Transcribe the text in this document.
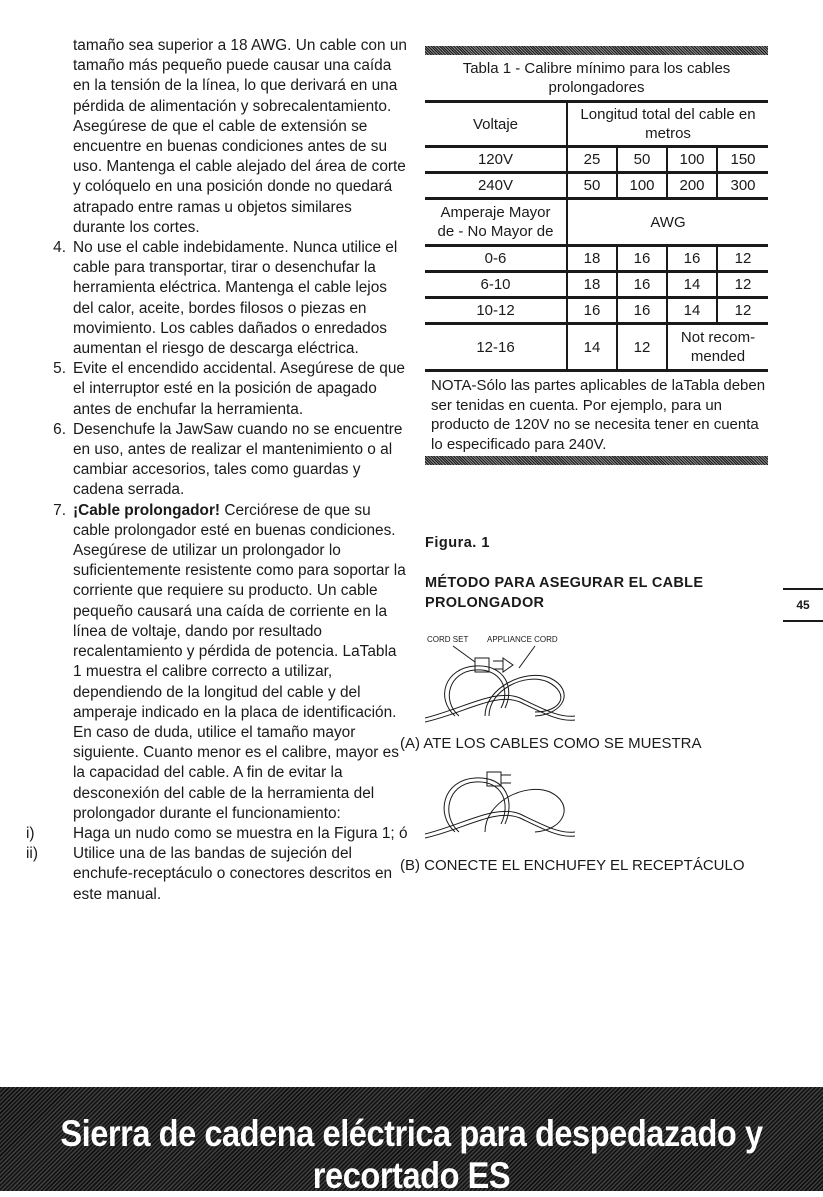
tamaño sea superior a 18 AWG. Un cable con un tamaño más pequeño puede causar una caída en la tensión de la línea, lo que derivará en una pérdida de alimentación y sobrecalentamiento. Asegúrese de que el cable de extensión se encuentre en buenas condiciones antes de su uso. Mantenga el cable alejado del área de corte y colóquelo en una posición donde no quedará atrapado entre ramas u objetos similares durante los cortes.

4. No use el cable indebidamente. Nunca utilice el cable para transportar, tirar o desenchufar la herramienta eléctrica. Mantenga el cable lejos del calor, aceite, bordes filosos o piezas en movimiento. Los cables dañados o enredados aumentan el riesgo de descarga eléctrica.
5. Evite el encendido accidental. Asegúrese de que el interruptor esté en la posición de apagado antes de enchufar la herramienta.
6. Desenchufe la JawSaw cuando no se encuentre en uso, antes de realizar el mantenimiento o al cambiar accesorios, tales como guardas y cadena serrada.
7. ¡Cable prolongador! Cerciórese de que su cable prolongador esté en buenas condiciones. Asegúrese de utilizar un prolongador lo suficientemente resistente como para soportar la corriente que requiere su producto. Un cable pequeño causará una caída de corriente en la línea de voltaje, dando por resultado recalentamiento y pérdida de potencia. LaTabla 1 muestra el calibre correcto a utilizar, dependiendo de la longitud del cable y del amperaje indicado en la placa de identificación. En caso de duda, utilice el tamaño mayor siguiente. Cuanto menor es el calibre, mayor es la capacidad del cable. A fin de evitar la desconexión del cable de la herramienta del prolongador durante el funcionamiento:
i)	Haga un nudo como se muestra en la Figura 1; ó
ii)	Utilice una de las bandas de sujeción del enchufe-receptáculo o conectores descritos en este manual.
Tabla 1 - Calibre mínimo para los cables prolongadores
Voltaje	Longitud total del cable en metros			
120V	25	50	100	150
240V	50	100	200	300
Amperaje Mayor de - No Mayor de	AWG			
0-6	18	16	16	12
6-10	18	16	14	12
10-12	16	16	14	12
12-16	14	12	Not recom- mended	
NOTA-Sólo las partes aplicables de laTabla deben ser tenidas en cuenta. Por ejemplo, para un producto de 120V no se necesita tener en cuenta lo especificado para 240V.
Figura. 1
MÉTODO PARA ASEGURAR EL CABLE PROLONGADOR	45
CORD SET APPLIANCE CORD
(A) ATE LOS CABLES COMO SE MUESTRA
(B) CONECTE EL ENCHUFEY EL RECEPTÁCULO
Sierra de cadena eléctrica para despedazado y recortado ES
